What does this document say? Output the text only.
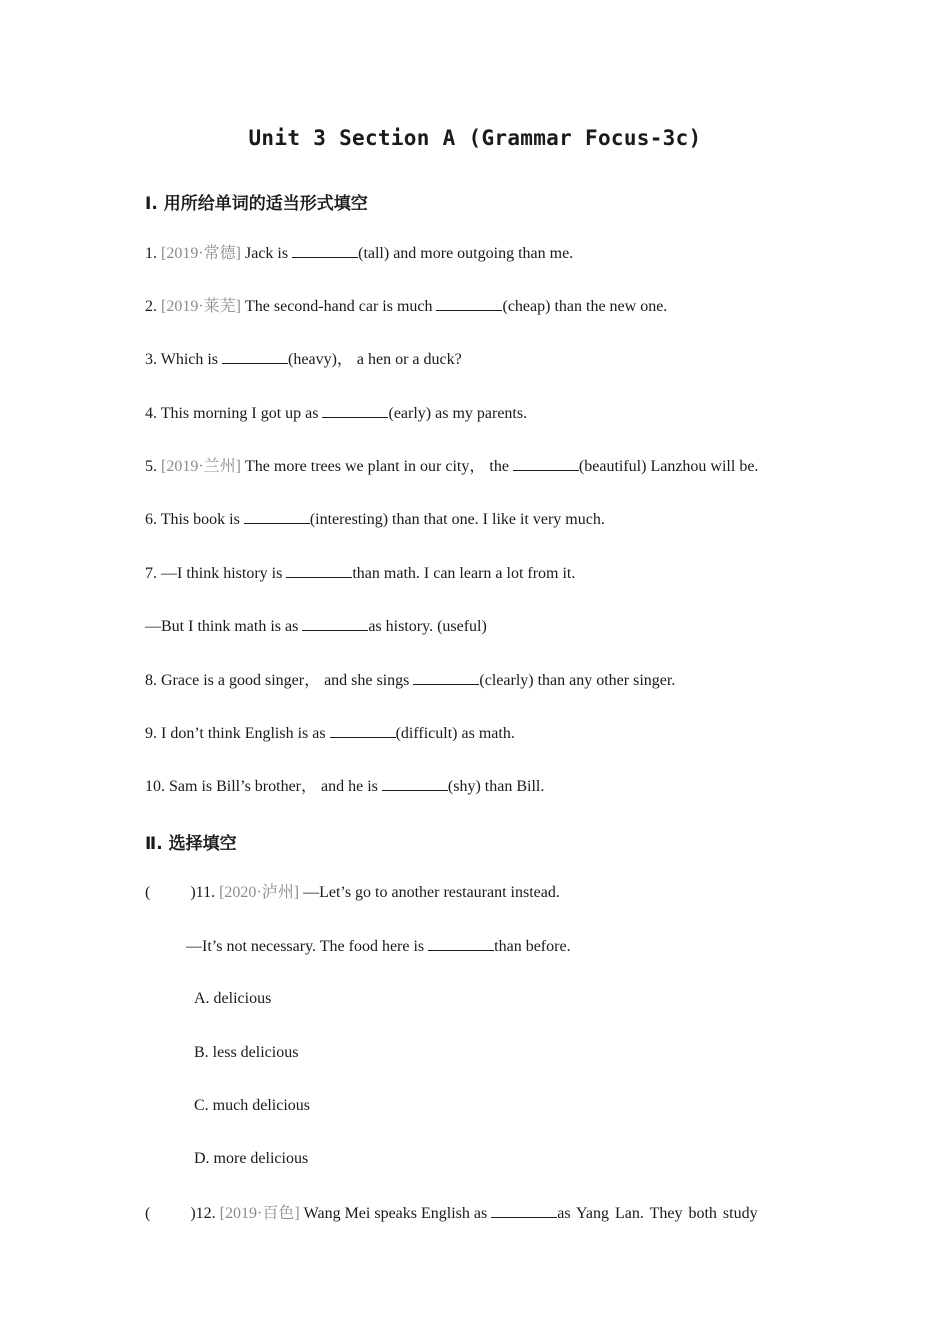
Unit 3 Section A (Grammar Focus-3c)
Ⅰ. 用所给单词的适当形式填空
1. [2019·常德] Jack is	(tall) and more outgoing than me.
2. [2019·莱芜] The second-hand car is much	(cheap) than the new one.
3. Which is	(heavy)， a hen or a duck?
4. This morning I got up as	(early) as my parents.
5. [2019·兰州] The more trees we plant in our city， the	(beautiful) Lanzhou will be.
6. This book is	(interesting) than that one. I like it very much.
7. —I think history is	than math. I can learn a lot from it.
—But I think math is as	as history. (useful)
8. Grace is a good singer， and she sings	(clearly) than any other singer.
9. I don’t think English is as	(difficult) as math.
10. Sam is Bill’s brother， and he is	(shy) than Bill.
Ⅱ. 选择填空
(	)11. [2020·泸州] —Let’s go to another restaurant instead.
—It’s not necessary. The food here is	than before.
A. delicious
B. less delicious
C. much delicious
D. more delicious
(	)12. [2019·百色] Wang Mei speaks English as	as Yang Lan. They both study
